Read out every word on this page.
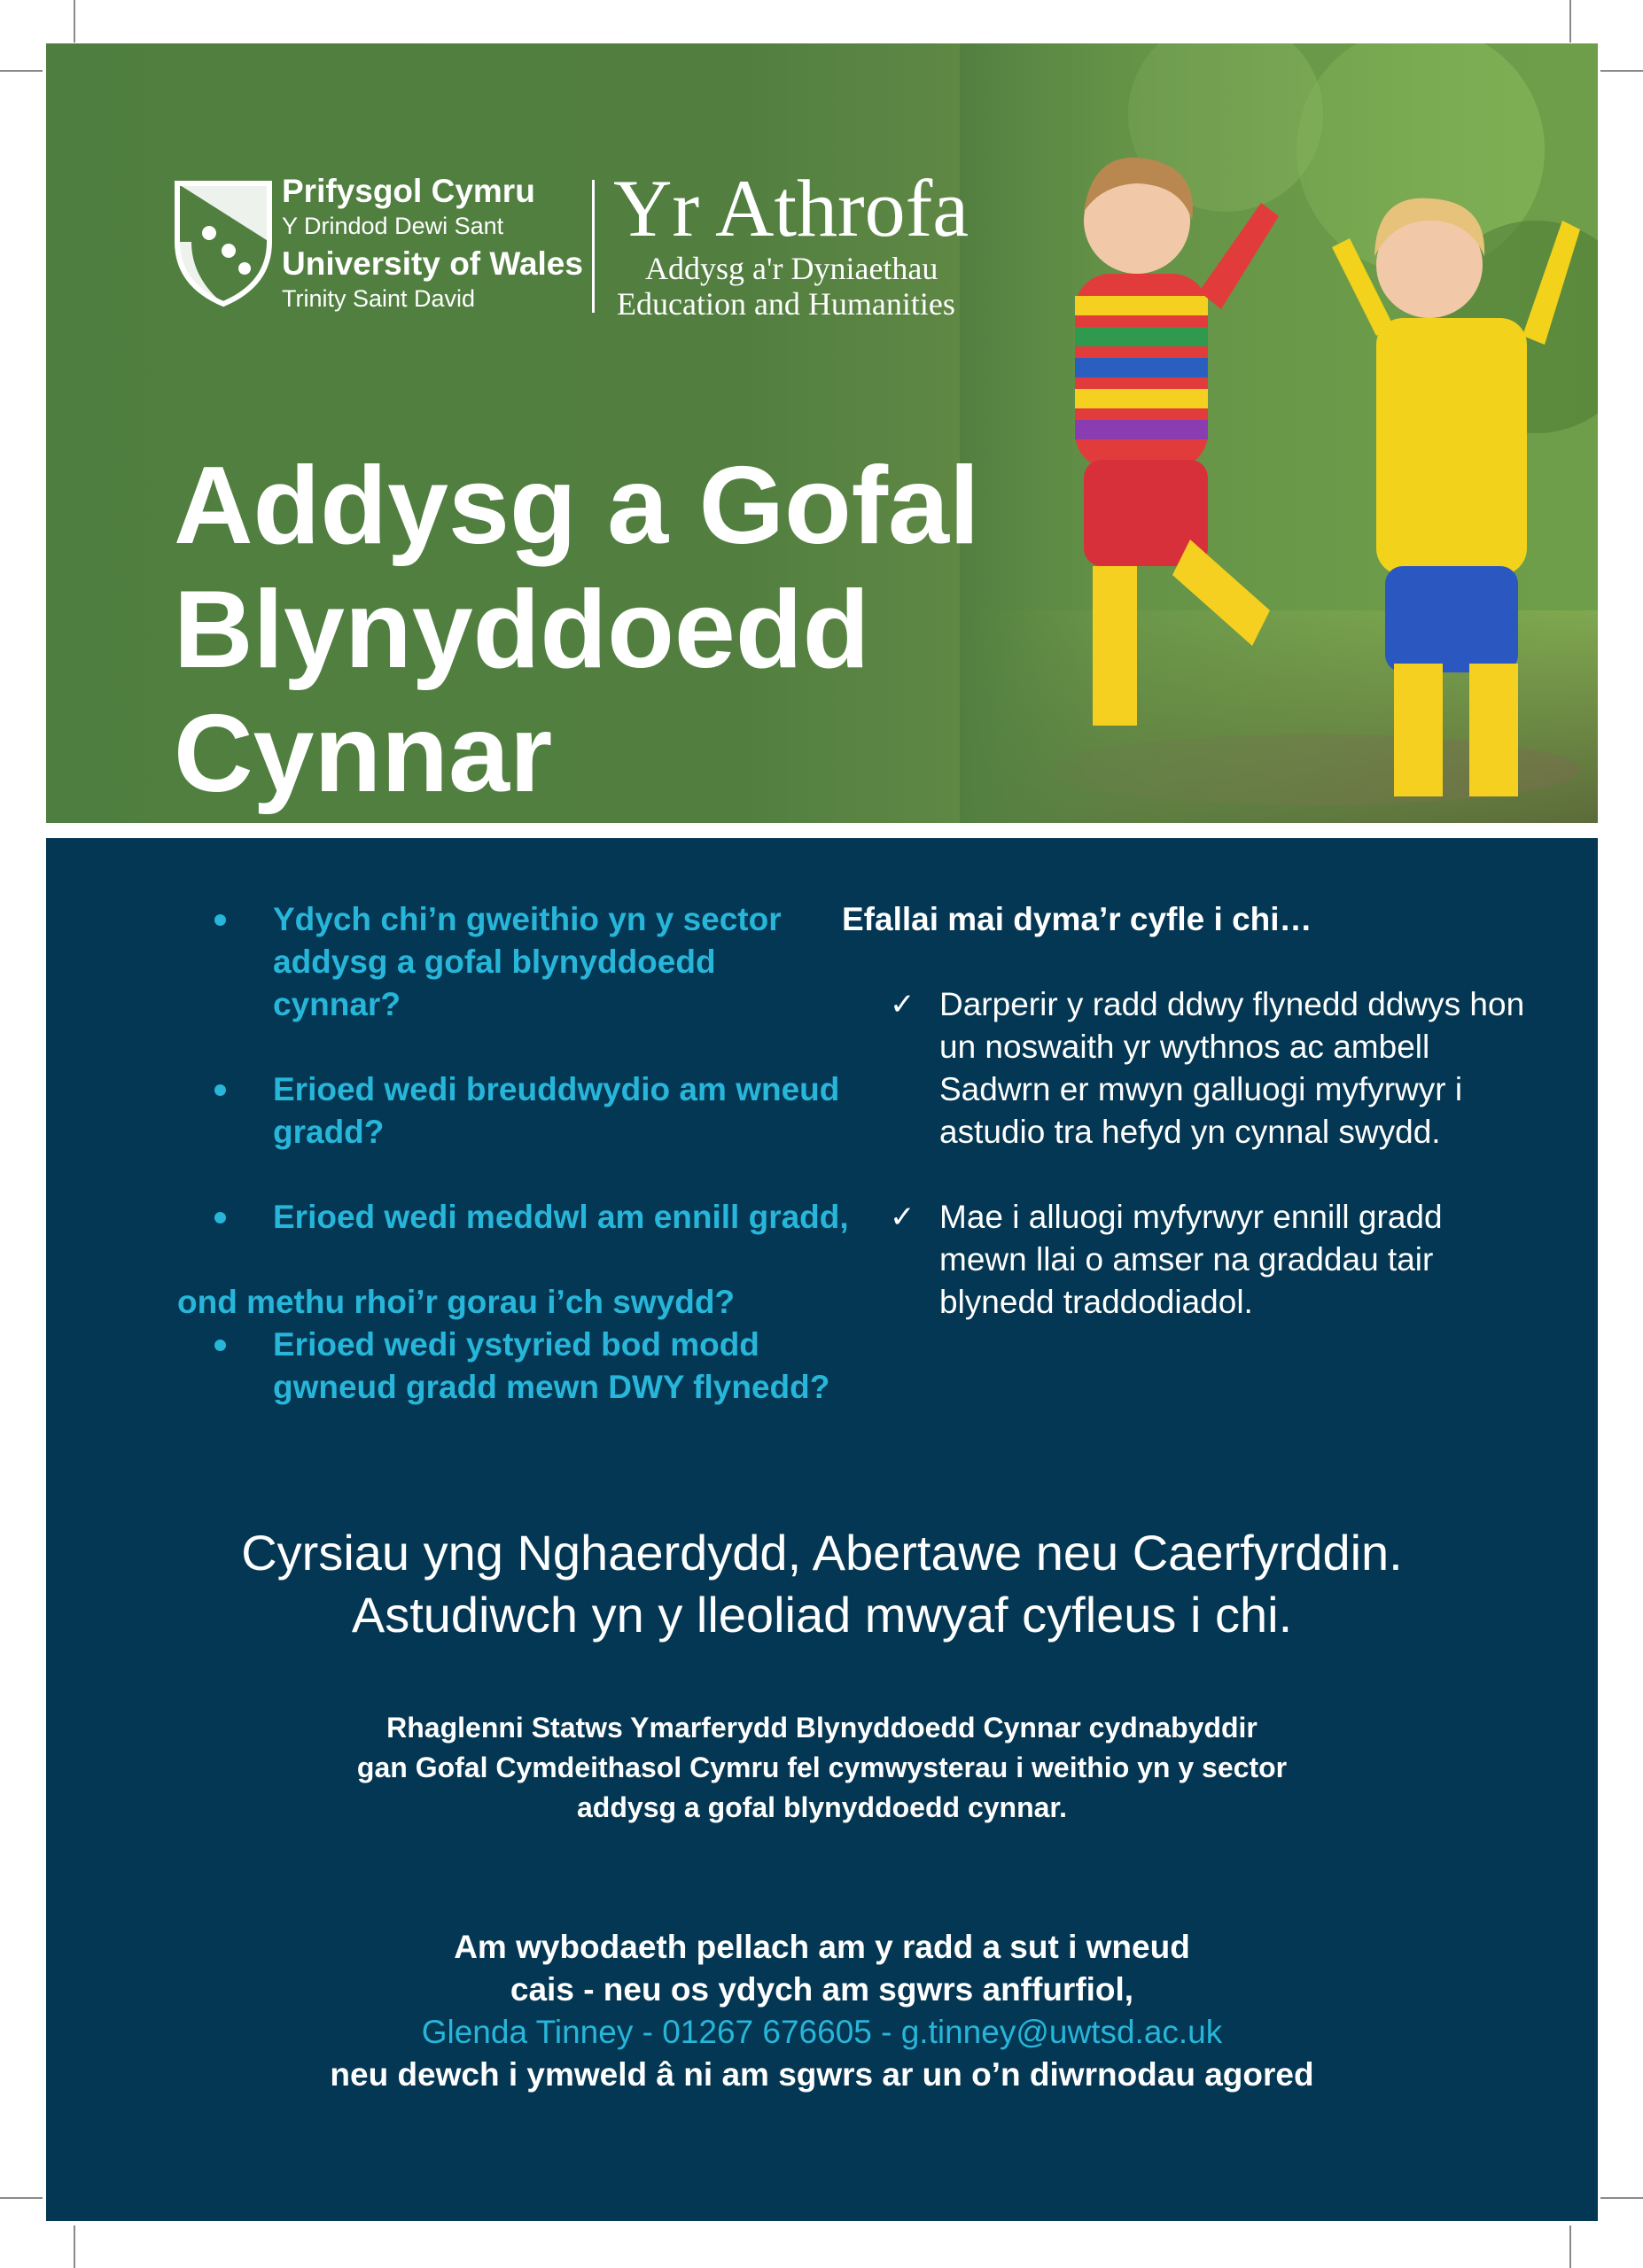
Prifysgol Cymru
Y Drindod Dewi Sant
University of Wales
Trinity Saint David
Yr Athrofa
Addysg a'r Dyniaethau
Education and Humanities
Addysg a Gofal
Blynyddoedd
Cynnar
Ydych chi’n gweithio yn y sector addysg a gofal blynyddoedd cynnar?
Erioed wedi breuddwydio am wneud gradd?
Erioed wedi meddwl am ennill gradd,
ond methu rhoi’r gorau i’ch swydd?
Erioed wedi ystyried bod modd gwneud gradd mewn DWY flynedd?

Efallai mai dyma’r cyfle i chi…

✓ Darperir y radd ddwy flynedd ddwys hon un noswaith yr wythnos ac ambell Sadwrn er mwyn galluogi myfyrwyr i astudio tra hefyd yn cynnal swydd.
✓ Mae i alluogi myfyrwyr ennill gradd mewn llai o amser na graddau tair blynedd traddodiadol.
Cyrsiau yng Nghaerdydd, Abertawe neu Caerfyrddin.
Astudiwch yn y lleoliad mwyaf cyfleus i chi.
Rhaglenni Statws Ymarferydd Blynyddoedd Cynnar cydnabyddir
gan Gofal Cymdeithasol Cymru fel cymwysterau i weithio yn y sector
addysg a gofal blynyddoedd cynnar.
Am wybodaeth pellach am y radd a sut i wneud
cais - neu os ydych am sgwrs anffurfiol,
Glenda Tinney - 01267 676605 - g.tinney@uwtsd.ac.uk
neu dewch i ymweld â ni am sgwrs ar un o’n diwrnodau agored
